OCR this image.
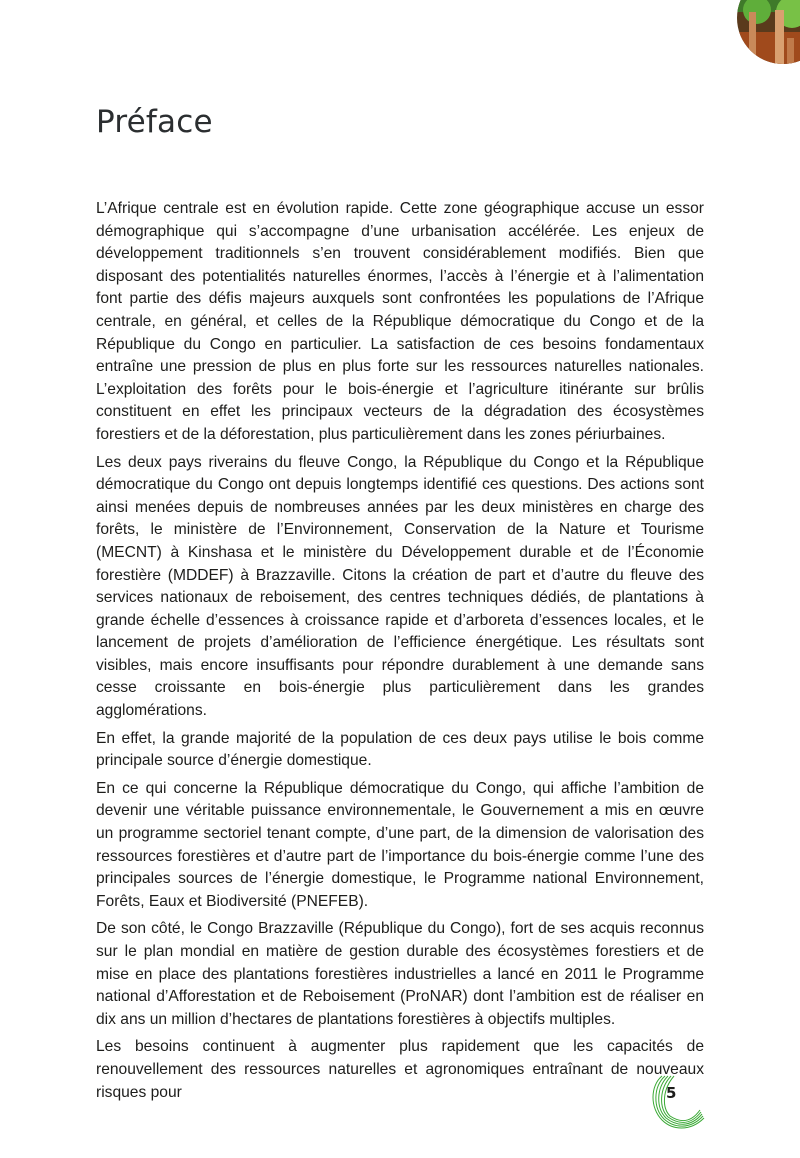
Préface

L’Afrique centrale est en évolution rapide. Cette zone géographique accuse un essor démographique qui s’accompagne d’une urbanisation accélérée. Les enjeux de développement traditionnels s’en trouvent considérablement modifiés. Bien que disposant des potentialités naturelles énormes, l’accès à l’énergie et à l’alimentation font partie des défis majeurs auxquels sont confrontées les populations de l’Afrique centrale, en général, et celles de la République démocratique du Congo et de la République du Congo en particulier. La satisfaction de ces besoins fondamentaux entraîne une pression de plus en plus forte sur les ressources naturelles nationales. L’exploitation des forêts pour le bois-énergie et l’agriculture itinérante sur brûlis constituent en effet les principaux vecteurs de la dégradation des écosystèmes forestiers et de la déforestation, plus particulièrement dans les zones périurbaines.

Les deux pays riverains du fleuve Congo, la République du Congo et la République démocratique du Congo ont depuis longtemps identifié ces questions. Des actions sont ainsi menées depuis de nombreuses années par les deux ministères en charge des forêts, le ministère de l’Environnement, Conservation de la Nature et Tourisme (MECNT) à Kinshasa et le ministère du Développement durable et de l’Économie forestière (MDDEF) à Brazzaville. Citons la création de part et d’autre du fleuve des services nationaux de reboisement, des centres techniques dédiés, de plantations à grande échelle d’essences à croissance rapide et d’arboreta d’essences locales, et le lancement de projets d’amélioration de l’efficience énergétique. Les résultats sont visibles, mais encore insuffisants pour répondre durablement à une demande sans cesse croissante en bois-énergie plus particulièrement dans les grandes agglomérations.

En effet, la grande majorité de la population de ces deux pays utilise le bois comme principale source d’énergie domestique.

En ce qui concerne la République démocratique du Congo, qui affiche l’ambition de devenir une véritable puissance environnementale, le Gouvernement a mis en œuvre un programme sectoriel tenant compte, d’une part, de la dimension de valorisation des ressources forestières et d’autre part de l’importance du bois-énergie comme l’une des principales sources de l’énergie domestique, le Programme national Environnement, Forêts, Eaux et Biodiversité (PNEFEB).

De son côté, le Congo Brazzaville (République du Congo), fort de ses acquis reconnus sur le plan mondial en matière de gestion durable des écosystèmes forestiers et de mise en place des plantations forestières industrielles a lancé en 2011 le Programme national d’Afforestation et de Reboisement (ProNAR) dont l’ambition est de réaliser en dix ans un million d’hectares de plantations forestières à objectifs multiples.

Les besoins continuent à augmenter plus rapidement que les capacités de renouvellement des ressources naturelles et agronomiques entraînant de nouveaux risques pour	5
